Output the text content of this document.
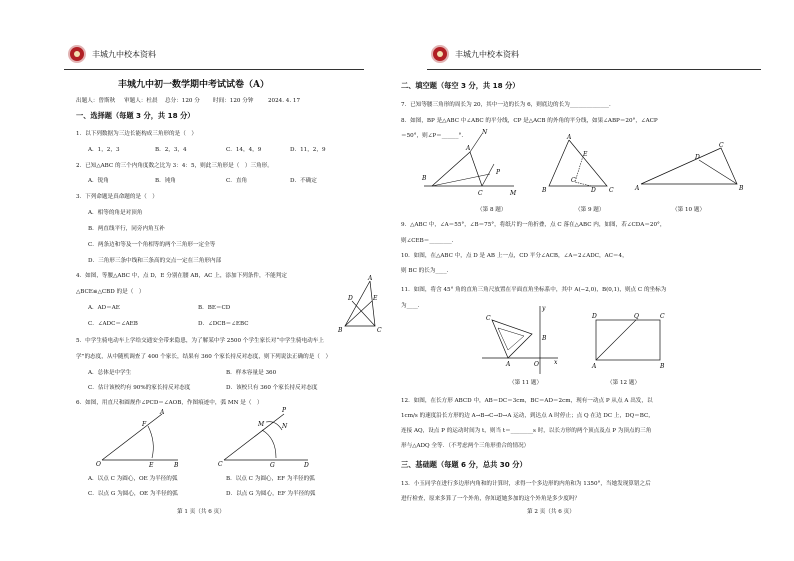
丰城九中校本资料
丰城九中初一数学期中考试试卷（A）
出题人：曾斯秋 审题人：杜晨 总分：120 分 时间：120 分钟	2024. 4. 17
一、选择题（每题 3 分，共 18 分）
1．以下列数据为三边长能构成三角形的是（　）
A．1，2，3	B．2，3，4	C．14，4，9	D．11，2，9
2．已知△ABC 的三个内角度数之比为 3：4：5，则此三角形是（　）三角形。
A．锐角	B．钝角	C．直角	D．不确定
3．下列命题是真命题的是（　）
A．相等的角是对顶角
B．两直线平行，同旁内角互补
C．两条边和等及一个角相等的两个三角形一定全等
D．三角形三条中线和三条高的交点一定在三角形内部
4．如图，等腰△ABC 中，点 D，E 分别在腰 AB，AC 上，添加下列条件，不能判定
△BCE≌△CBD 的是（　）
A．AD＝AE	B．BE＝CD
C．∠ADC＝∠AEB	D．∠DCB＝∠EBC
A
D	E
B	C
5．中学生骑电动车上学给交通安全带来隐患，为了解某中学 2500 个学生家长对“中学生骑电动车上
学”的态度，从中随机调查了 400 个家长，结果有 360 个家长持反对态度，则下列说法正确的是（　）
A．总体是中学生	B．样本容量是 360
C．估计该校约有 90%的家长持反对态度	D．该校只有 360 个家长持反对态度
6．如图，用直尺和圆规作∠PCD＝∠AOB，作图痕迹中，弧 MN 是（　）
O	E	B
F
A
C	G	D
M
P
N
A．以点 C 为圆心，OE 为半径的弧	B．以点 C 为圆心，EF 为半径的弧
C．以点 G 为圆心，OE 为半径的弧	D．以点 G 为圆心，EF 为半径的弧
第 1 页（共 6 页）
丰城九中校本资料
二、填空题（每空 3 分，共 18 分）
7．已知等腰三角形的周长为 20，其中一边的长为 6，则底边的长为______________.
8．如图，BP 是△ABC 中∠ABC 的平分线，CP 是△ACB 的外角的平分线，如果∠ABP＝20°，∠ACP
＝50°，则∠P＝______°.
A
B
C
P
M
N
A
B	C
E
C
D
C
D
A	B
（第 8 题）	（第 9 题）	（第 10 题）
9．△ABC 中，∠A＝55°，∠B＝75°，将纸片的一角折叠，点 C 落在△ABC 内，如图，若∠CDA＝20°，
则∠CEB＝________.
10．如图，在△ABC 中，点 D 是 AB 上一点，CD 平分∠ACB，∠A＝2∠ADC，AC＝4，
则 BC 的长为____.
11．如图，将含 45° 角的直角三角尺放置在平面直角坐标系中，其中 A(−2,0)，B(0,1)，则点 C 的坐标为
为____.
C
A	O
B
x
y
D	Q	C
A	B
（第 11 题）	（第 12 题）
12．如图，在长方形 ABCD 中，AB＝DC＝3cm，BC＝AD＝2cm，现有一动点 P 从点 A 出发，以
1cm/s 的速度沿长方形的边 A→B→C→D→A 运动，到达点 A 时停止；点 Q 在边 DC 上，DQ＝BC，
连接 AQ，设点 P 的运动时间为 t，则当 t＝________s 时，以长方形的两个顶点及点 P 为顶点的三角
形与△ADQ 全等．（不考虑两个三角形重合的情况）
三、基础题（每题 6 分，总共 30 分）
13．小玉同学在进行多边形内角和的计算时，求得一个多边形的内角和为 1350°，当她发现算错之后
进行检查，原来多算了一个外角，你知道她多加的这个外角是多少度吗？
第 2 页（共 6 页）
